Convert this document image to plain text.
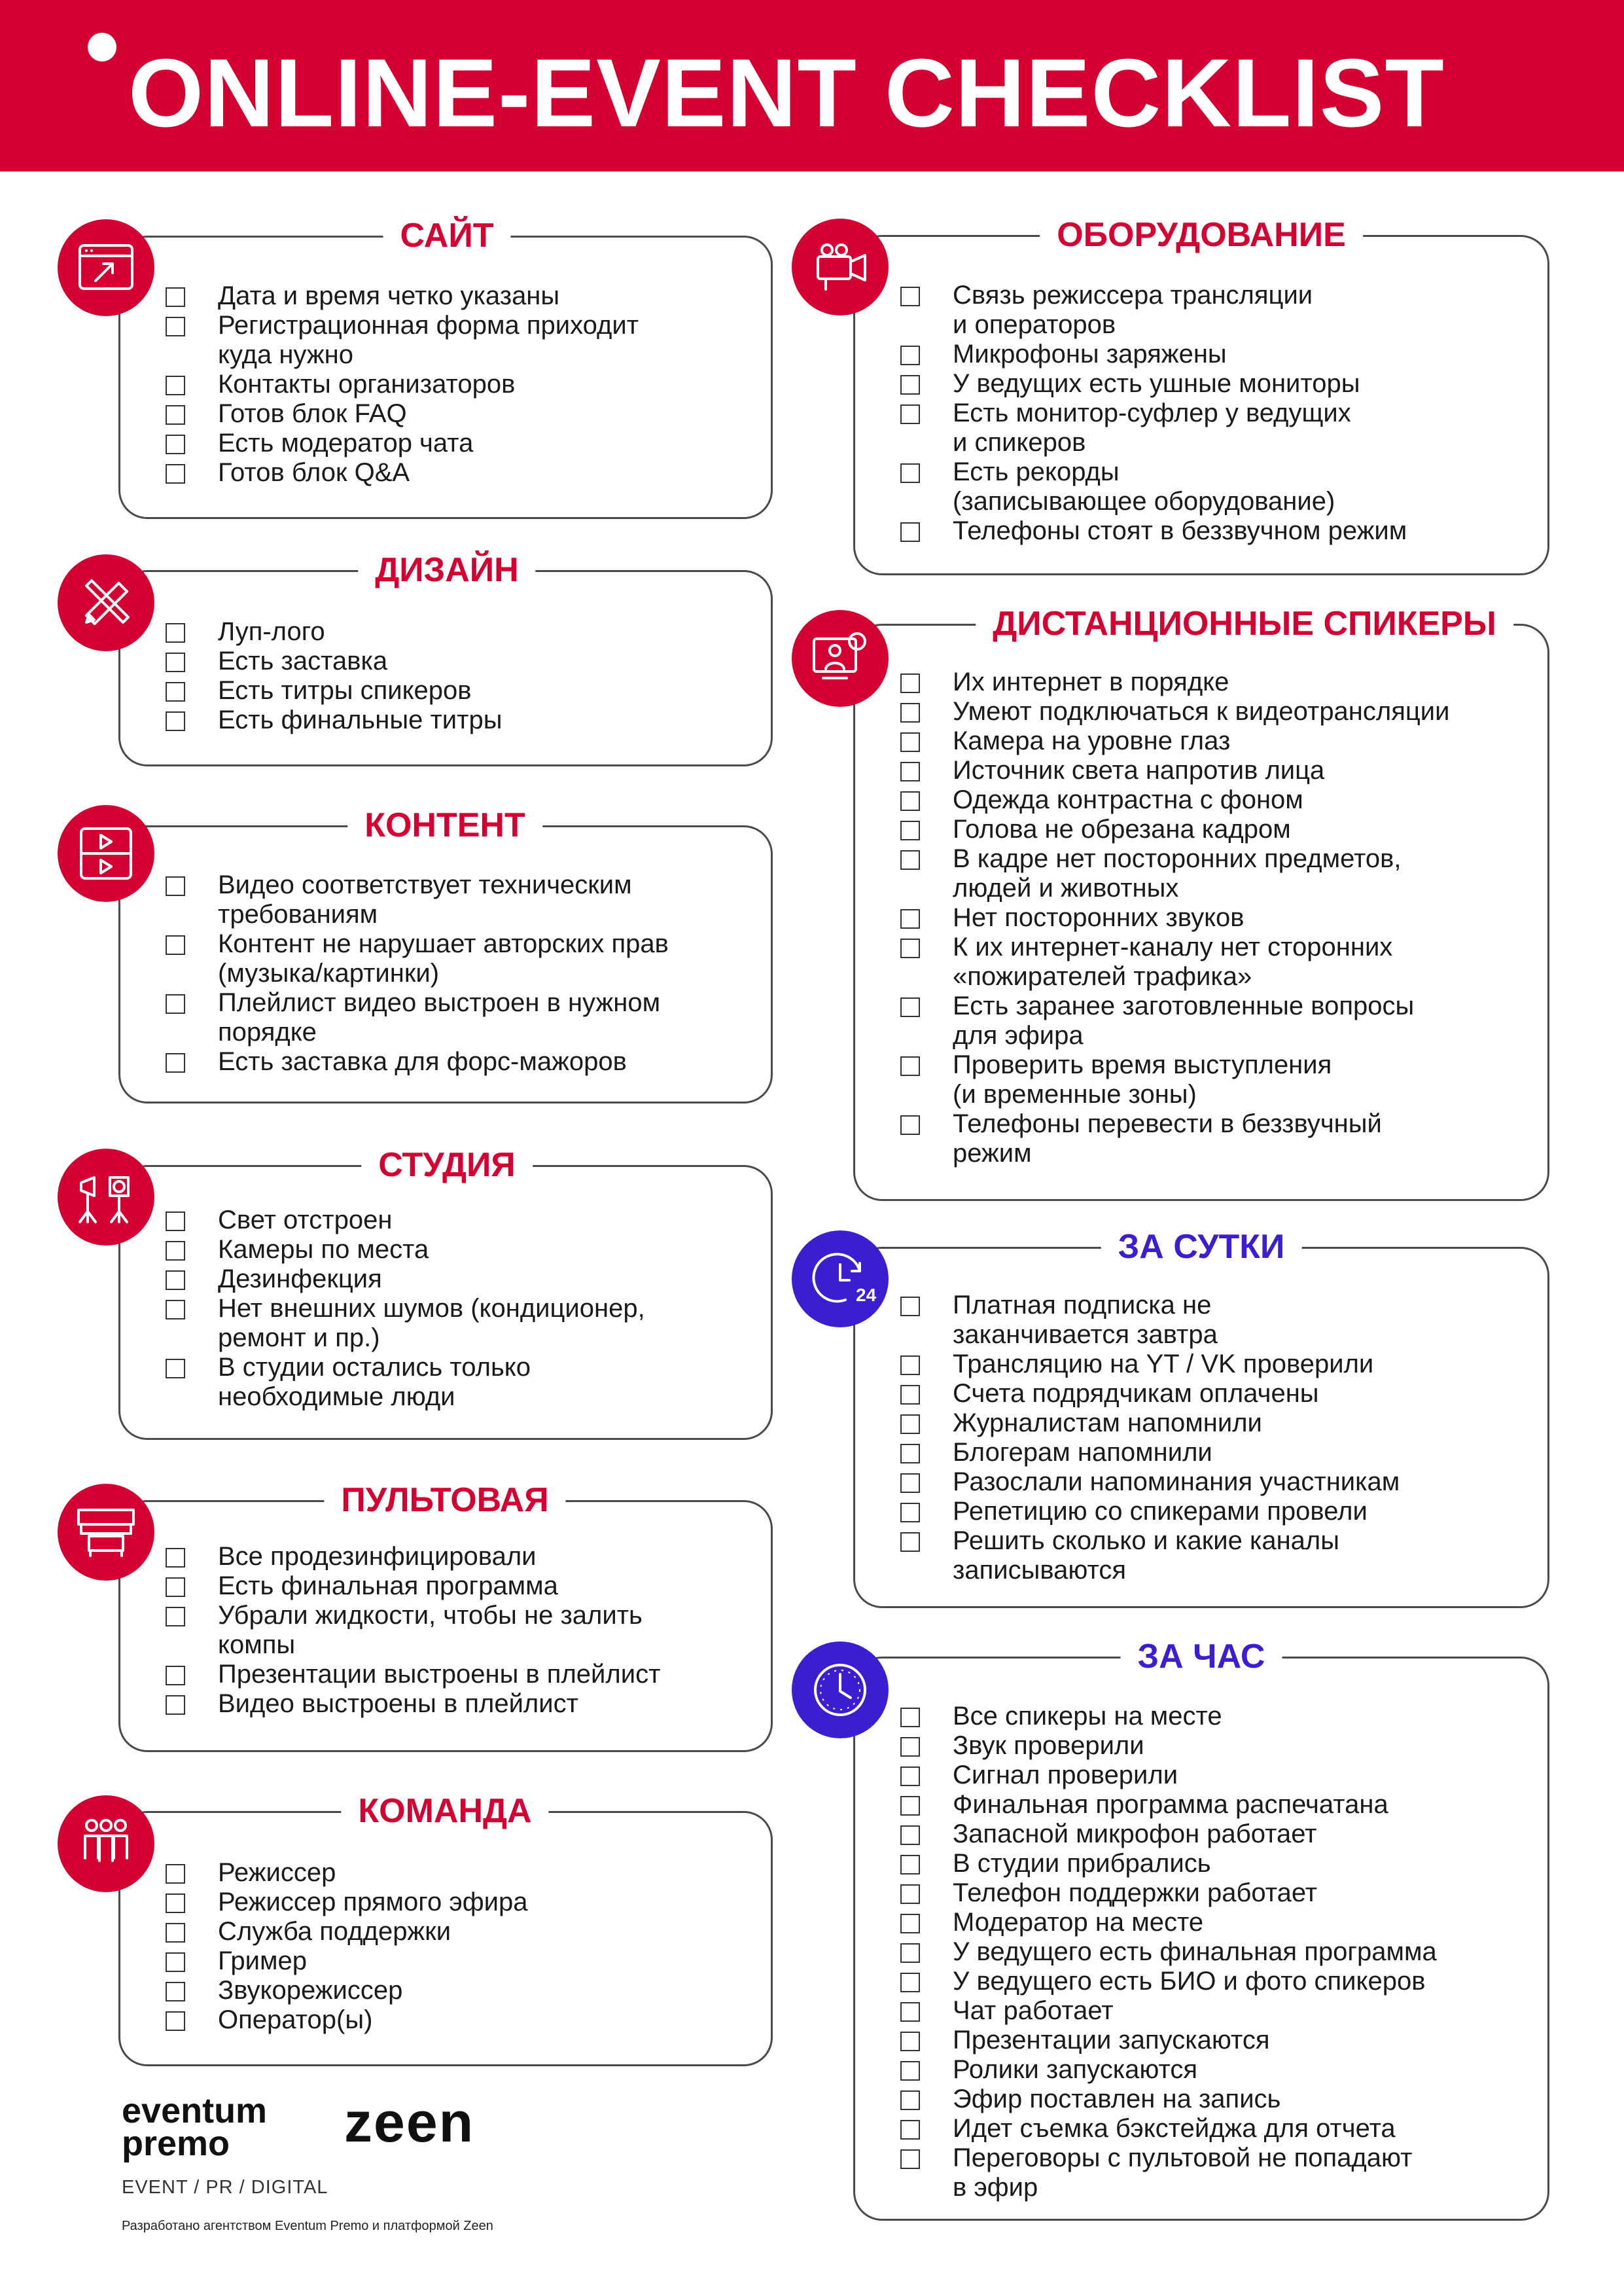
ONLINE-EVENT CHECKLIST
САЙТ
Дата и время четко указаны
Регистрационная форма приходит
куда нужно
Контакты организаторов
Готов блок FAQ
Есть модератор чата
Готов блок Q&A
ДИЗАЙН
Луп-лого
Есть заставка
Есть титры спикеров
Есть финальные титры
КОНТЕНТ
Видео соответствует техническим
требованиям
Контент не нарушает авторских прав
(музыка/картинки)
Плейлист видео выстроен в нужном
порядке
Есть заставка для форс-мажоров
СТУДИЯ
Свет отстроен
Камеры по места
Дезинфекция
Нет внешних шумов (кондиционер,
ремонт и пр.)
В студии остались только
необходимые люди
ПУЛЬТОВАЯ
Все продезинфицировали
Есть финальная программа
Убрали жидкости, чтобы не залить
компы
Презентации выстроены в плейлист
Видео выстроены в плейлист
КОМАНДА
Режиссер
Режиссер прямого эфира
Служба поддержки
Гример
Звукорежиссер
Оператор(ы)
ОБОРУДОВАНИЕ
Связь режиссера трансляции
и операторов
Микрофоны заряжены
У ведущих есть ушные мониторы
Есть монитор-суфлер у ведущих
и спикеров
Есть рекорды
(записывающее оборудование)
Телефоны стоят в беззвучном режим
ДИСТАНЦИОННЫЕ СПИКЕРЫ
Их интернет в порядке
Умеют подключаться к видеотрансляции
Камера на уровне глаз
Источник света напротив лица
Одежда контрастна с фоном
Голова не обрезана кадром
В кадре нет посторонних предметов,
людей и животных
Нет посторонних звуков
К их интернет-каналу нет сторонних
«пожирателей трафика»
Есть заранее заготовленные вопросы
для эфира
Проверить время выступления
(и временные зоны)
Телефоны перевести в беззвучный
режим
ЗА СУТКИ
24	Платная подписка не
заканчивается завтра
Трансляцию на YT / VK проверили
Счета подрядчикам оплачены
Журналистам напомнили
Блогерам напомнили
Разослали напоминания участникам
Репетицию со спикерами провели
Решить сколько и какие каналы
записываются
ЗА ЧАС
Все спикеры на месте
Звук проверили
Сигнал проверили
Финальная программа распечатана
Запасной микрофон работает
В студии прибрались
Телефон поддержки работает
Модератор на месте
У ведущего есть финальная программа
У ведущего есть БИО и фото спикеров
Чат работает
Презентации запускаются
Ролики запускаются
Эфир поставлен на запись
Идет съемка бэкстейджа для отчета
Переговоры с пультовой не попадают
в эфир
eventum
premo	zeen
EVENT / PR / DIGITAL
Разработано агентством Eventum Premo и платформой Zeen
